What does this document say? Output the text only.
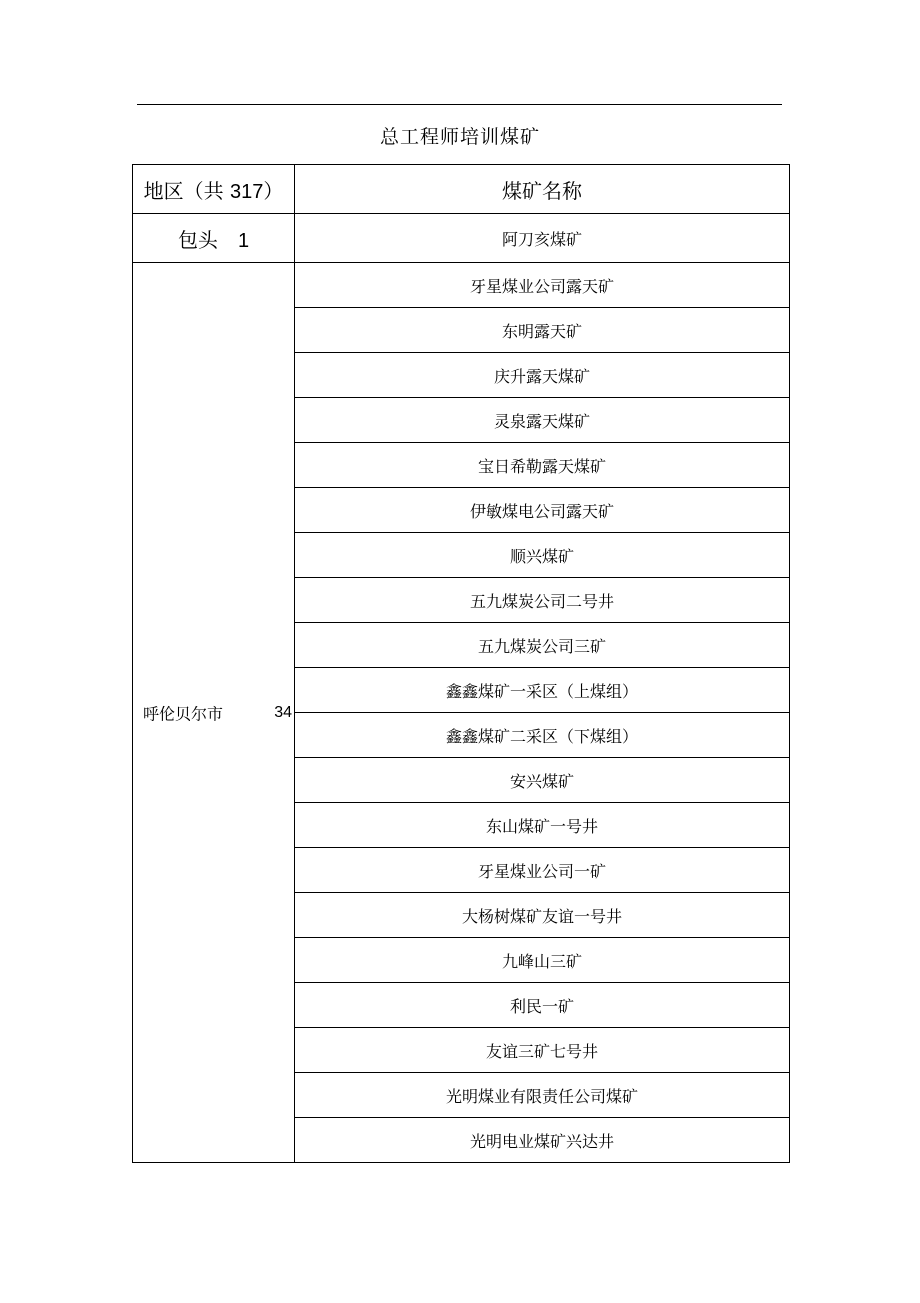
总工程师培训煤矿
地区（共 317）	煤矿名称
包头 1	阿刀亥煤矿

呼伦贝尔市 34	牙星煤业公司露天矿
	东明露天矿
	庆升露天煤矿
	灵泉露天煤矿
	宝日希勒露天煤矿
	伊敏煤电公司露天矿
	顺兴煤矿
	五九煤炭公司二号井
	五九煤炭公司三矿
	鑫鑫煤矿一采区（上煤组）
	鑫鑫煤矿二采区（下煤组）
	安兴煤矿
	东山煤矿一号井
	牙星煤业公司一矿
	大杨树煤矿友谊一号井
	九峰山三矿
	利民一矿
	友谊三矿七号井
	光明煤业有限责任公司煤矿
	光明电业煤矿兴达井
